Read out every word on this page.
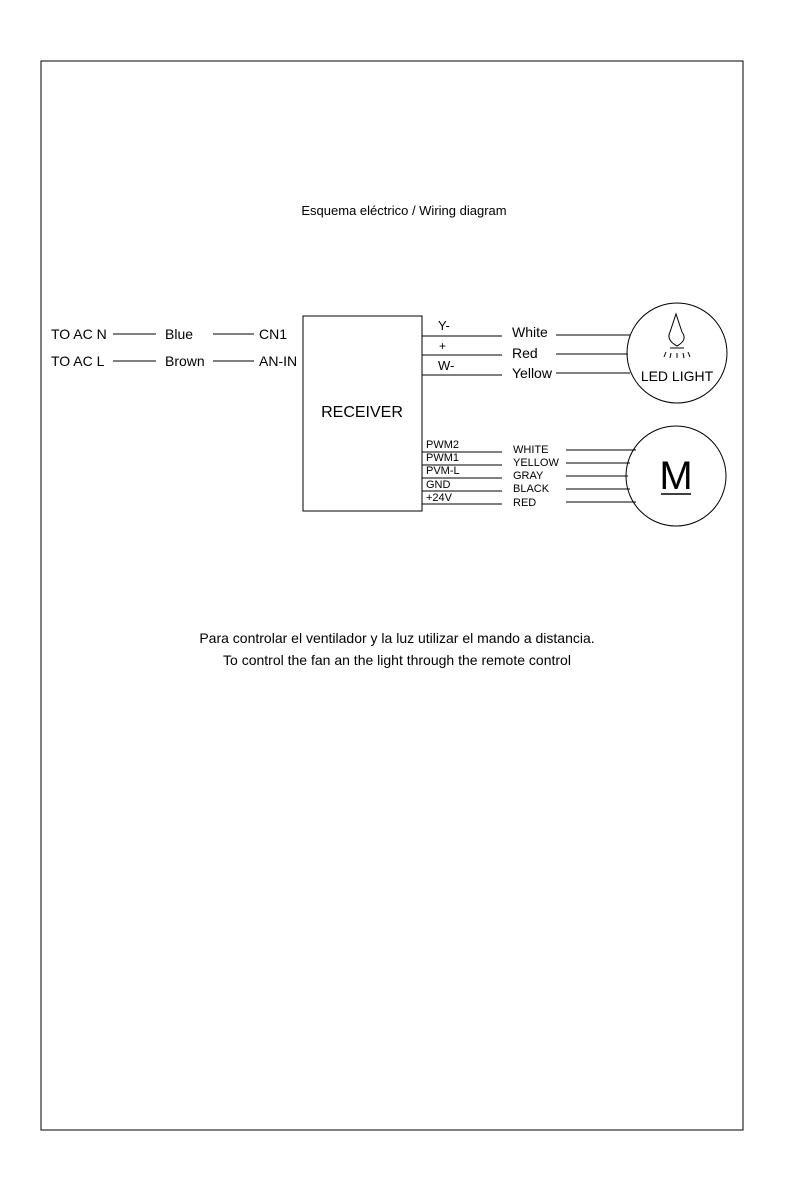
Esquema eléctrico / Wiring diagram
TO AC N	Blue	CN1
TO AC L	Brown	AN-IN
RECEIVER
Y-
+
W-
White
Red
Yellow	LED LIGHT
PWM2
PWM1
PVM-L
GND
+24V
WHITE
YELLOW
GRAY
BLACK
RED
M
Para controlar el ventilador y la luz utilizar el mando a distancia.
To control the fan an the light through the remote control
